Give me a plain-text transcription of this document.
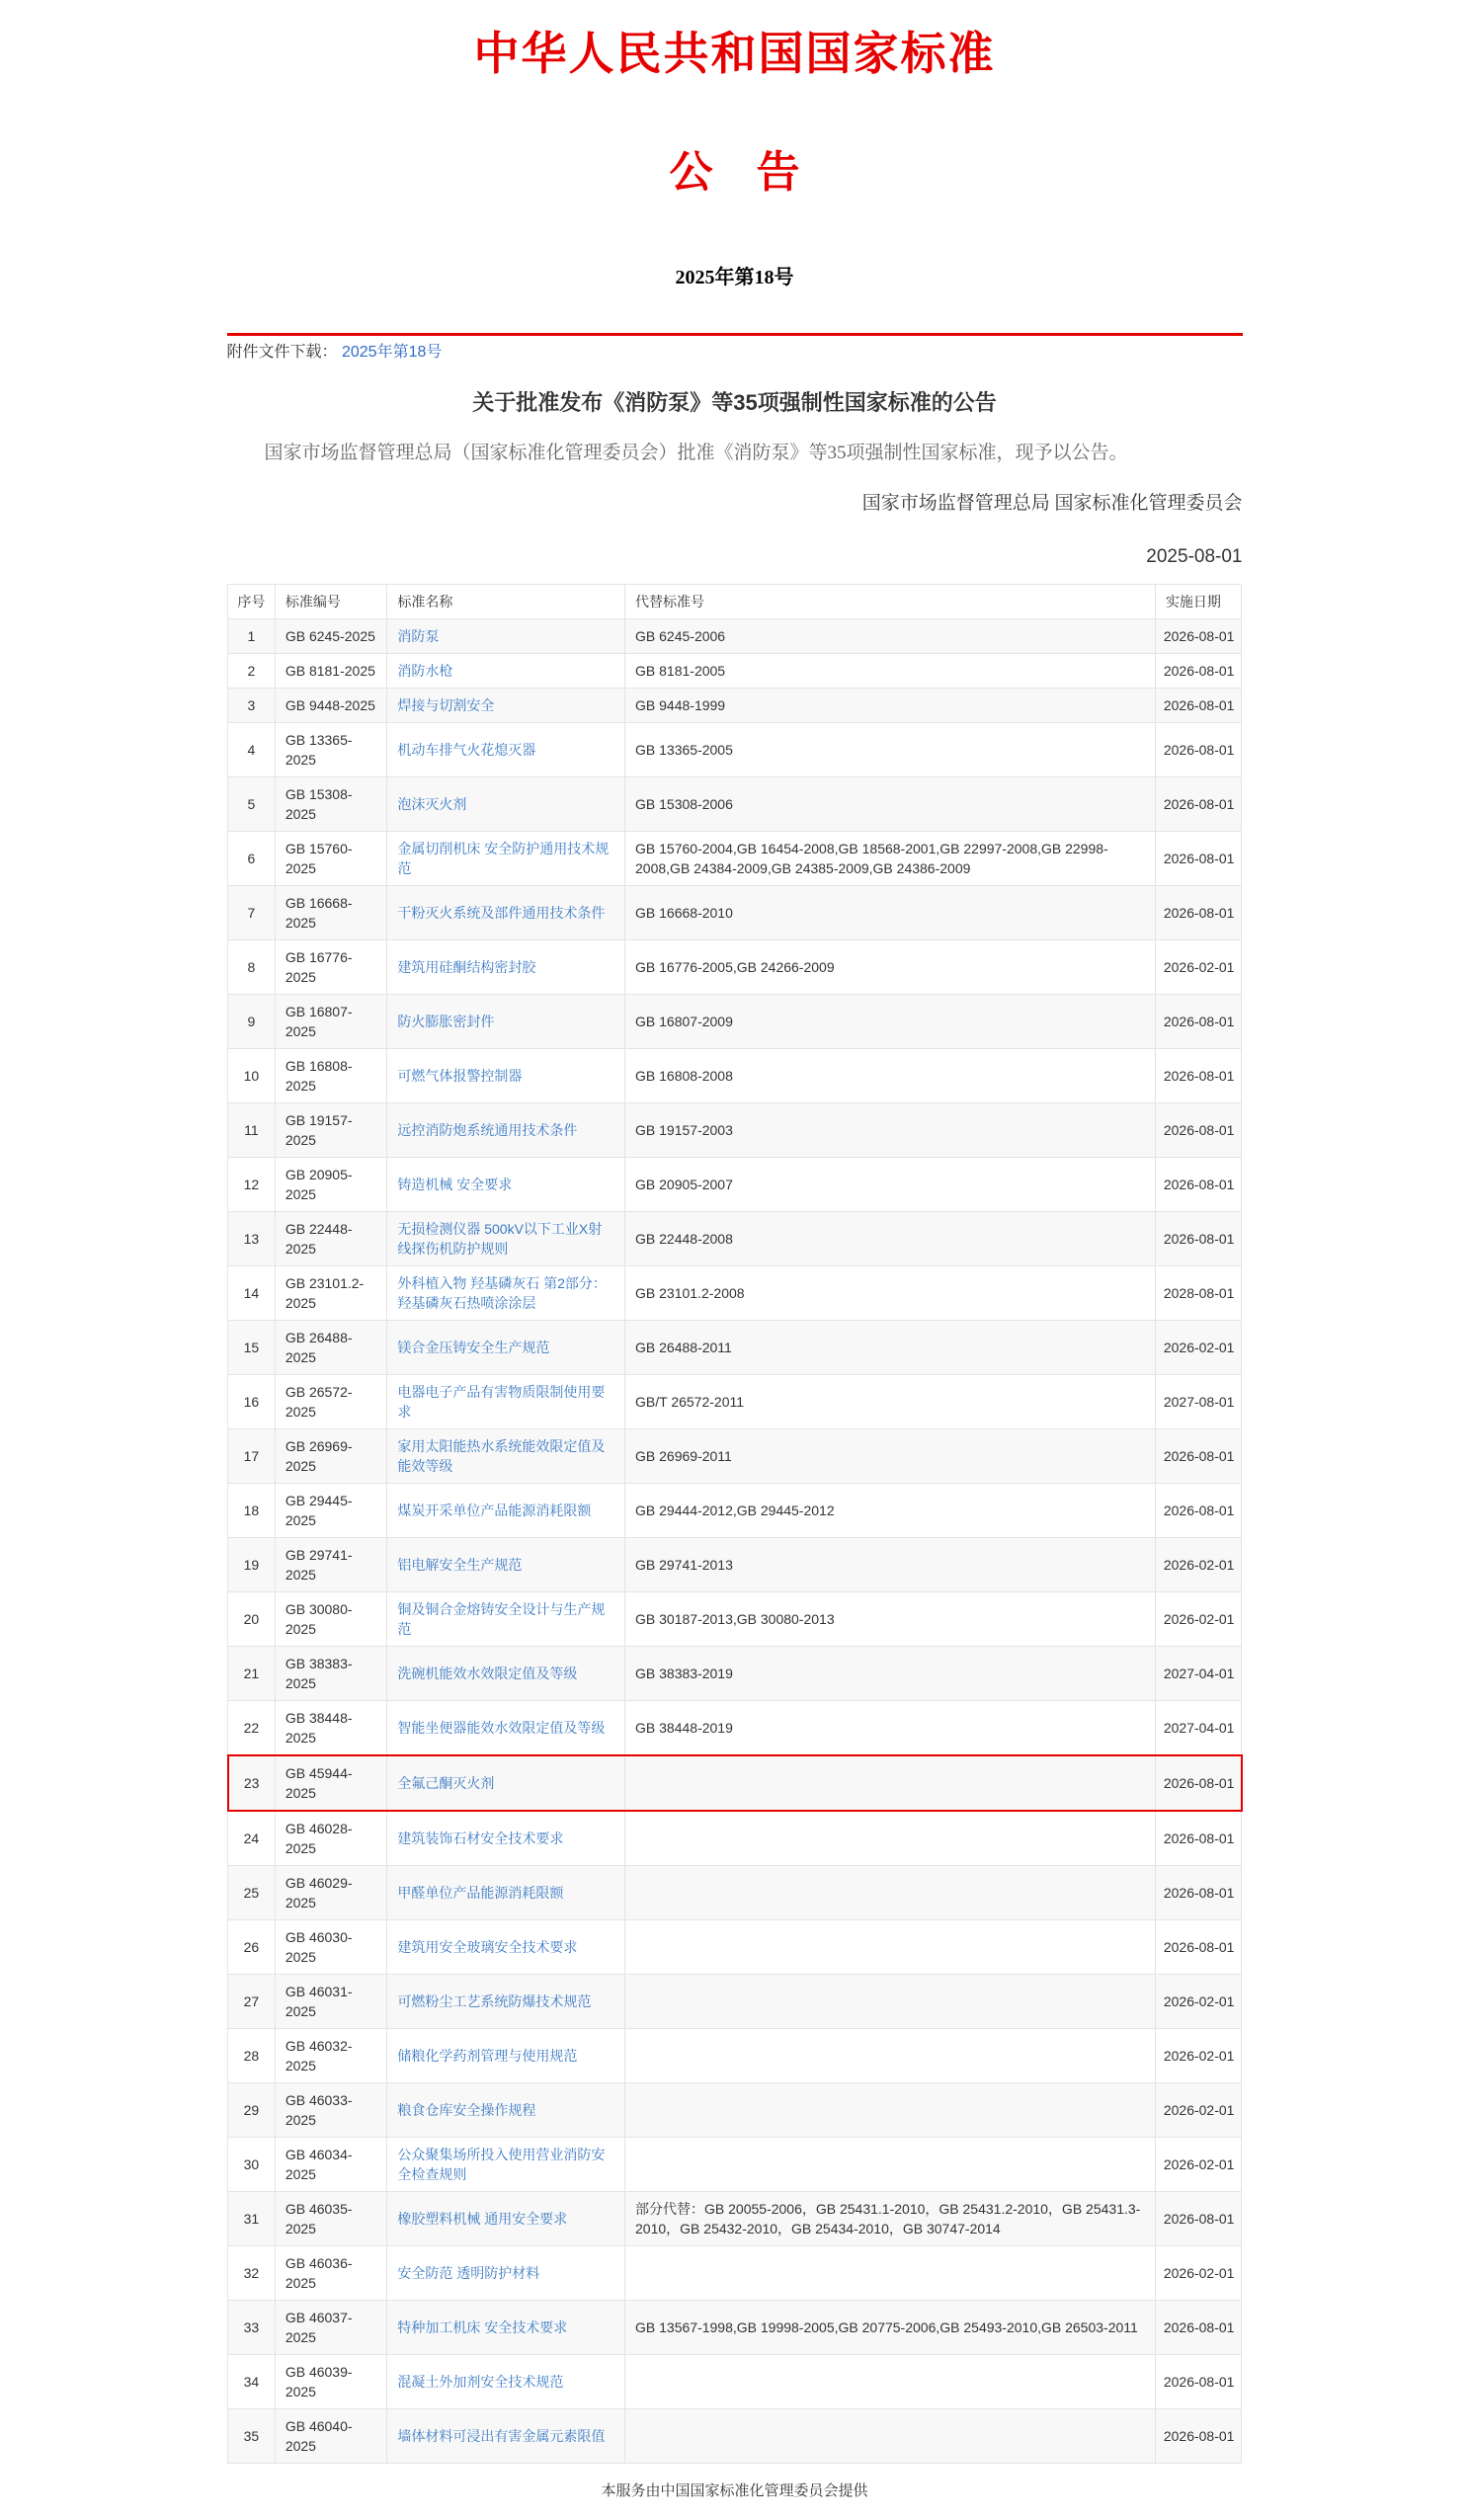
中华人民共和国国家标准
公　告
2025年第18号
附件文件下载： 2025年第18号
关于批准发布《消防泵》等35项强制性国家标准的公告

国家市场监督管理总局（国家标准化管理委员会）批准《消防泵》等35项强制性国家标准，现予以公告。

国家市场监督管理总局 国家标准化管理委员会

2025-08-01

序号	标准编号	标准名称	代替标准号	实施日期
1	GB 6245-2025	消防泵	GB 6245-2006	2026-08-01
2	GB 8181-2025	消防水枪	GB 8181-2005	2026-08-01
3	GB 9448-2025	焊接与切割安全	GB 9448-1999	2026-08-01
4	GB 13365-2025	机动车排气火花熄灭器	GB 13365-2005	2026-08-01
5	GB 15308-2025	泡沫灭火剂	GB 15308-2006	2026-08-01
6	GB 15760-2025	金属切削机床 安全防护通用技术规范	GB 15760-2004,GB 16454-2008,GB 18568-2001,GB 22997-2008,GB 22998-2008,GB 24384-2009,GB 24385-2009,GB 24386-2009	2026-08-01
7	GB 16668-2025	干粉灭火系统及部件通用技术条件	GB 16668-2010	2026-08-01
8	GB 16776-2025	建筑用硅酮结构密封胶	GB 16776-2005,GB 24266-2009	2026-02-01
9	GB 16807-2025	防火膨胀密封件	GB 16807-2009	2026-08-01
10	GB 16808-2025	可燃气体报警控制器	GB 16808-2008	2026-08-01
11	GB 19157-2025	远控消防炮系统通用技术条件	GB 19157-2003	2026-08-01
12	GB 20905-2025	铸造机械 安全要求	GB 20905-2007	2026-08-01
13	GB 22448-2025	无损检测仪器 500kV以下工业X射线探伤机防护规则	GB 22448-2008	2026-08-01
14	GB 23101.2-2025	外科植入物 羟基磷灰石 第2部分：羟基磷灰石热喷涂涂层	GB 23101.2-2008	2028-08-01
15	GB 26488-2025	镁合金压铸安全生产规范	GB 26488-2011	2026-02-01
16	GB 26572-2025	电器电子产品有害物质限制使用要求	GB/T 26572-2011	2027-08-01
17	GB 26969-2025	家用太阳能热水系统能效限定值及能效等级	GB 26969-2011	2026-08-01
18	GB 29445-2025	煤炭开采单位产品能源消耗限额	GB 29444-2012,GB 29445-2012	2026-08-01
19	GB 29741-2025	铝电解安全生产规范	GB 29741-2013	2026-02-01
20	GB 30080-2025	铜及铜合金熔铸安全设计与生产规范	GB 30187-2013,GB 30080-2013	2026-02-01
21	GB 38383-2025	洗碗机能效水效限定值及等级	GB 38383-2019	2027-04-01
22	GB 38448-2025	智能坐便器能效水效限定值及等级	GB 38448-2019	2027-04-01
23	GB 45944-2025	全氟己酮灭火剂		2026-08-01
24	GB 46028-2025	建筑装饰石材安全技术要求		2026-08-01
25	GB 46029-2025	甲醛单位产品能源消耗限额		2026-08-01
26	GB 46030-2025	建筑用安全玻璃安全技术要求		2026-08-01
27	GB 46031-2025	可燃粉尘工艺系统防爆技术规范		2026-02-01
28	GB 46032-2025	储粮化学药剂管理与使用规范		2026-02-01
29	GB 46033-2025	粮食仓库安全操作规程		2026-02-01
30	GB 46034-2025	公众聚集场所投入使用营业消防安全检查规则		2026-02-01
31	GB 46035-2025	橡胶塑料机械 通用安全要求	部分代替：GB 20055-2006，GB 25431.1-2010，GB 25431.2-2010，GB 25431.3-2010，GB 25432-2010，GB 25434-2010，GB 30747-2014	2026-08-01
32	GB 46036-2025	安全防范 透明防护材料		2026-02-01
33	GB 46037-2025	特种加工机床 安全技术要求	GB 13567-1998,GB 19998-2005,GB 20775-2006,GB 25493-2010,GB 26503-2011	2026-08-01
34	GB 46039-2025	混凝土外加剂安全技术规范		2026-08-01
35	GB 46040-2025	墙体材料可浸出有害金属元素限值		2026-08-01
本服务由中国国家标准化管理委员会提供
